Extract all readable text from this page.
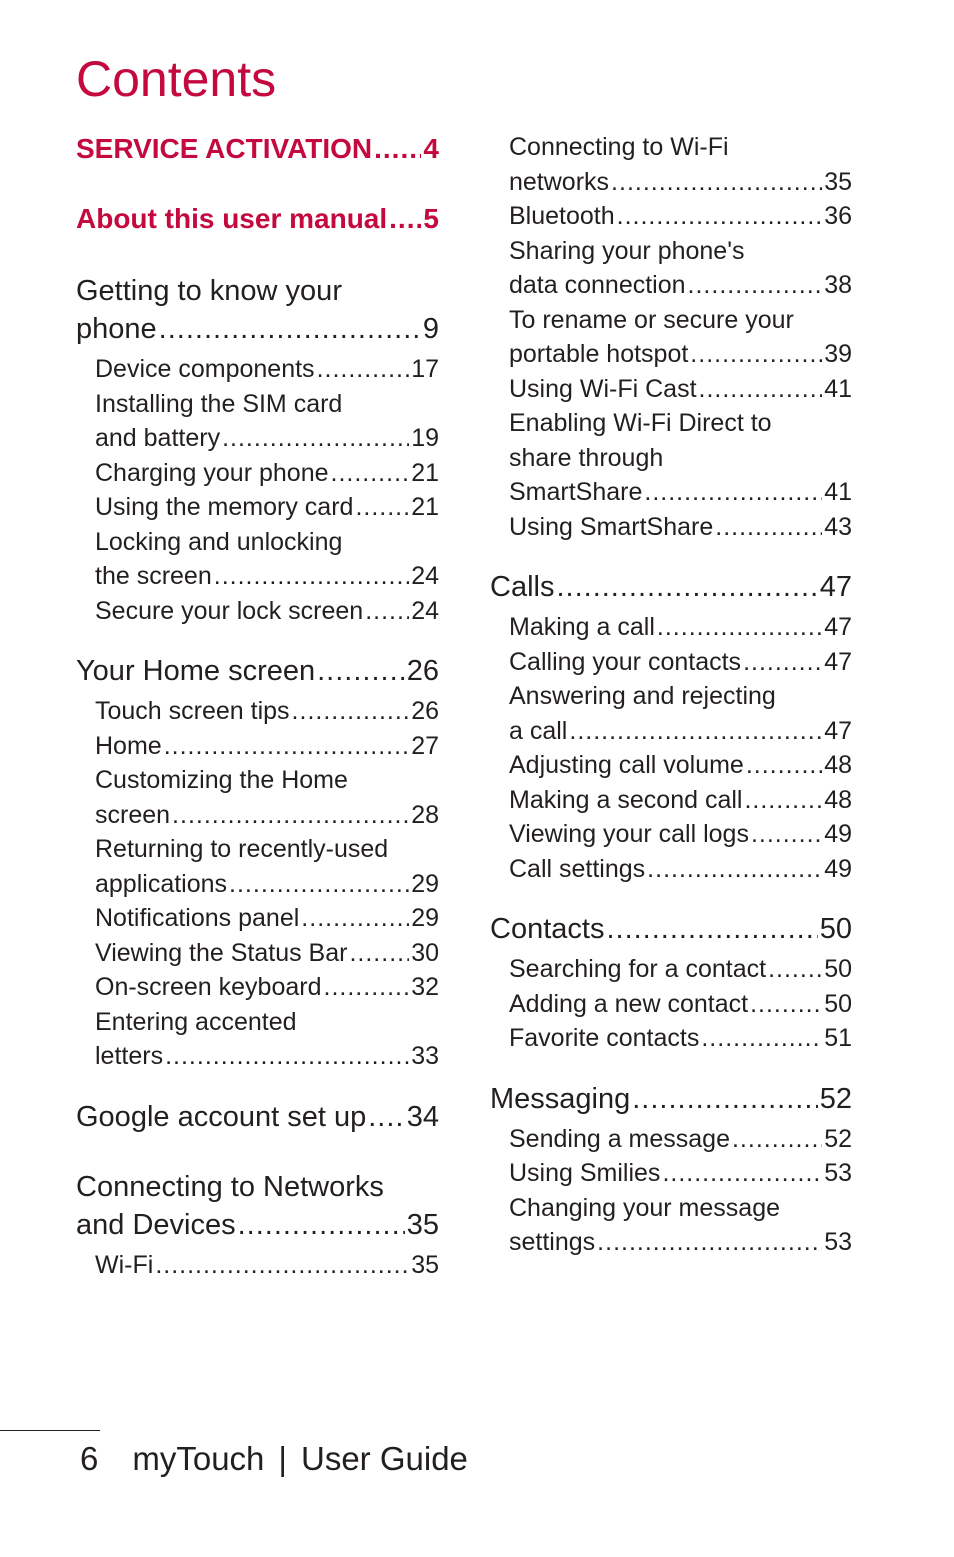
Contents
SERVICE ACTIVATION ..... 4
About this user manual ..... 5
Getting to know your
phone .....	9
Device components .....	17
Installing the SIM card
and battery .....	19
Charging your phone .....	21
Using the memory card ..... 21
Locking and unlocking
the screen .....	24
Secure your lock screen ..... 24
Your Home screen .....	26
Touch screen tips .....	26
Home .....	27
Customizing the Home
screen .....	28
Returning to recently-used
applications .....	29
Notifications panel .....	29
Viewing the Status Bar .....	30
On-screen keyboard .....	32
Entering accented
letters .....	33
Google account set up ..... 34
Connecting to Networks
and Devices .....	35
Wi-Fi .....	35
Connecting to Wi-Fi
networks .....	35
Bluetooth .....	36
Sharing your phone's
data connection .....	38
To rename or secure your
portable hotspot .....	39
Using Wi-Fi Cast .....	41
Enabling Wi-Fi Direct to
share through
SmartShare .....	41
Using SmartShare .....	43
Calls .....	47
Making a call .....	47
Calling your contacts .....	47
Answering and rejecting
a call .....	47
Adjusting call volume .....	48
Making a second call .....	48
Viewing your call logs .....	49
Call settings .....	49
Contacts .....	50
Searching for a contact ..... 50
Adding a new contact .....	50
Favorite contacts .....	51
Messaging .....	52
Sending a message .....	52
Using Smilies .....	53
Changing your message
settings .....	53
6 myTouch | User Guide
